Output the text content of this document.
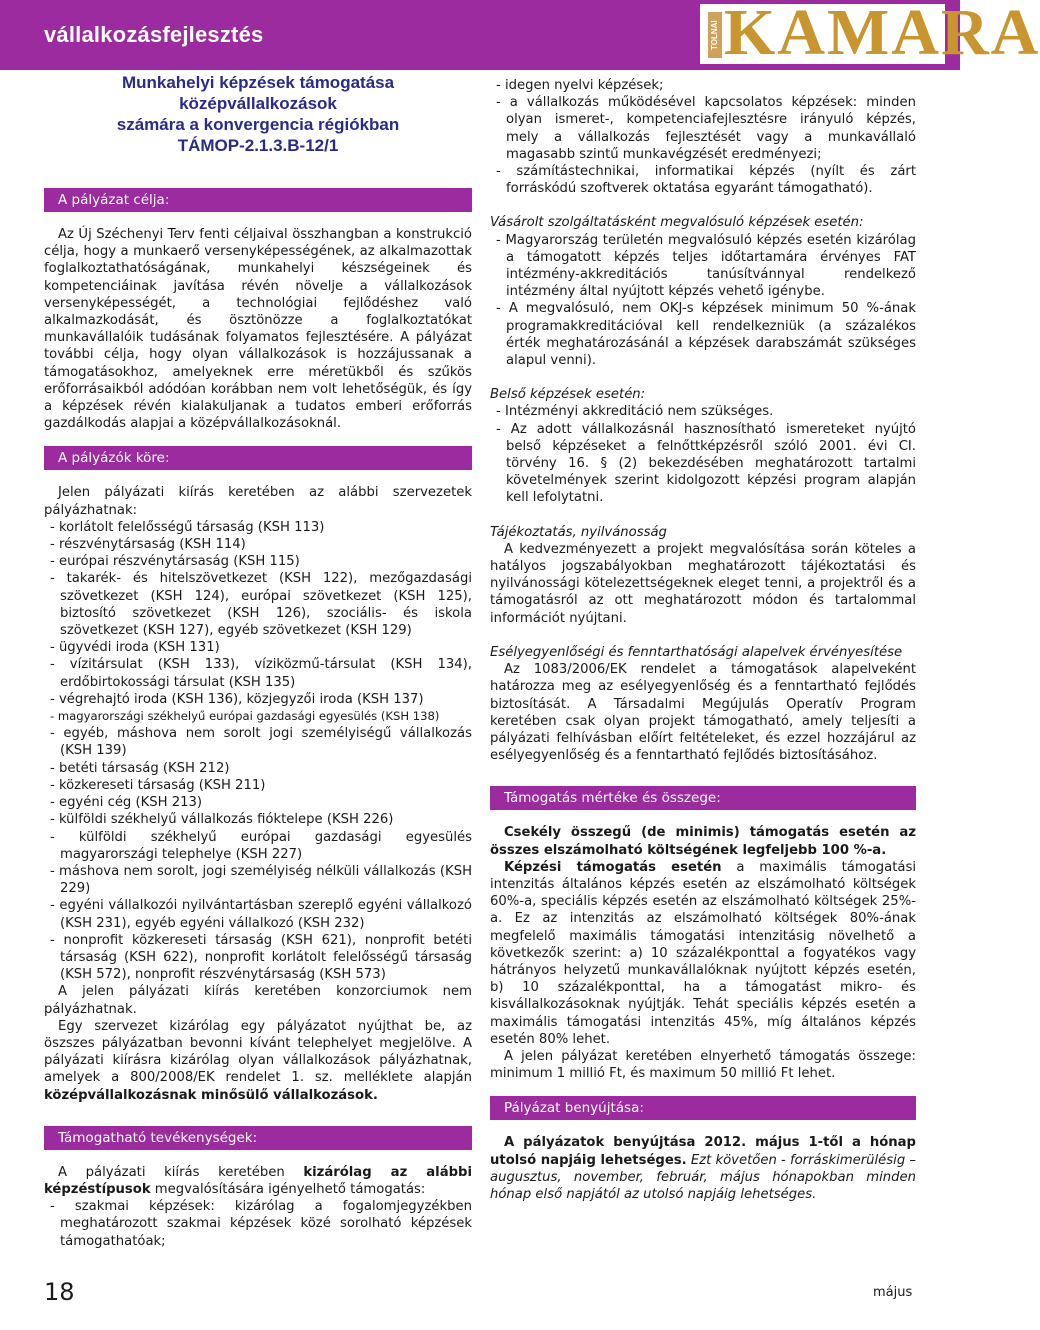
vállalkozásfejlesztés	TOLNAI KAMARA
Munkahelyi képzések támogatása középvállalkozások
számára a konvergencia régiókban
TÁMOP-2.1.3.B-12/1
A pályázat célja:

Az Új Széchenyi Terv fenti céljaival összhangban a konstrukció célja, hogy a munkaerő versenyképességének, az alkalmazottak foglalkoztathatóságának, munkahelyi készségeinek és kompetenciáinak javítása révén növelje a vállalkozások versenyképességét, a technológiai fejlődéshez való alkalmazkodását, és ösztönözze a foglalkoztatókat munkavállalóik tudásának folyamatos fejlesztésére. A pályázat további célja, hogy olyan vállalkozások is hozzájussanak a támogatásokhoz, amelyeknek erre méretükből és szűkös erőforrásaikból adódóan korábban nem volt lehetőségük, és így a képzések révén kialakuljanak a tudatos emberi erőforrás gazdálkodás alapjai a középvállalkozásoknál.

A pályázók köre:

Jelen pályázati kiírás keretében az alábbi szervezetek pályázhatnak:

- korlátolt felelősségű társaság (KSH 113)
- részvénytársaság (KSH 114)
- európai részvénytársaság (KSH 115)
- takarék- és hitelszövetkezet (KSH 122), mezőgazdasági szövetkezet (KSH 124), európai szövetkezet (KSH 125), biztosító szövetkezet (KSH 126), szociális- és iskola szövetkezet (KSH 127), egyéb szövetkezet (KSH 129)
- ügyvédi iroda (KSH 131)
- vízitársulat (KSH 133), víziközmű-társulat (KSH 134), erdőbirtokossági társulat (KSH 135)
- végrehajtó iroda (KSH 136), közjegyzői iroda (KSH 137)
- magyarországi székhelyű európai gazdasági egyesülés (KSH 138)
- egyéb, máshova nem sorolt jogi személyiségű vállalkozás (KSH 139)
- betéti társaság (KSH 212)
- közkereseti társaság (KSH 211)
- egyéni cég (KSH 213)
- külföldi székhelyű vállalkozás fióktelepe (KSH 226)
- külföldi székhelyű európai gazdasági egyesülés magyarországi telephelye (KSH 227)
- máshova nem sorolt, jogi személyiség nélküli vállalkozás (KSH 229)
- egyéni vállalkozói nyilvántartásban szereplő egyéni vállalkozó (KSH 231), egyéb egyéni vállalkozó (KSH 232)
- nonprofit közkereseti társaság (KSH 621), nonprofit betéti társaság (KSH 622), nonprofit korlátolt felelősségű társaság (KSH 572), nonprofit részvénytársaság (KSH 573)

A jelen pályázati kiírás keretében konzorciumok nem pályázhatnak.

Egy szervezet kizárólag egy pályázatot nyújthat be, az öszszes pályázatban bevonni kívánt telephelyet megjelölve. A pályázati kiírásra kizárólag olyan vállalkozások pályázhatnak, amelyek a 800/2008/EK rendelet 1. sz. melléklete alapján középvállalkozásnak minősülő vállalkozások.

Támogatható tevékenységek:

A pályázati kiírás keretében kizárólag az alábbi képzéstípusok megvalósítására igényelhető támogatás:

- szakmai képzések: kizárólag a fogalomjegyzékben meghatározott szakmai képzések közé sorolható képzések támogathatóak;
- idegen nyelvi képzések;
- a vállalkozás működésével kapcsolatos képzések: minden olyan ismeret-, kompetenciafejlesztésre irányuló képzés, mely a vállalkozás fejlesztését vagy a munkavállaló magasabb szintű munkavégzését eredményezi;
- számítástechnikai, informatikai képzés (nyílt és zárt forráskódú szoftverek oktatása egyaránt támogatható).
Vásárolt szolgáltatásként megvalósuló képzések esetén:
- Magyarország területén megvalósuló képzés esetén kizárólag a támogatott képzés teljes időtartamára érvényes FAT intézmény-akkreditációs tanúsítvánnyal rendelkező intézmény által nyújtott képzés vehető igénybe.
- A megvalósuló, nem OKJ-s képzések minimum 50 %-ának programakkreditációval kell rendelkezniük (a százalékos érték meghatározásánál a képzések darabszámát szükséges alapul venni).
Belső képzések esetén:
- Intézményi akkreditáció nem szükséges.
- Az adott vállalkozásnál hasznosítható ismereteket nyújtó belső képzéseket a felnőttképzésről szóló 2001. évi CI. törvény 16. § (2) bekezdésében meghatározott tartalmi követelmények szerint kidolgozott képzési program alapján kell lefolytatni.
Tájékoztatás, nyilvánosság

A kedvezményezett a projekt megvalósítása során köteles a hatályos jogszabályokban meghatározott tájékoztatási és nyilvánossági kötelezettségeknek eleget tenni, a projektről és a támogatásról az ott meghatározott módon és tartalommal információt nyújtani.

Esélyegyenlőségi és fenntarthatósági alapelvek érvényesítése

Az 1083/2006/EK rendelet a támogatások alapelveként határozza meg az esélyegyenlőség és a fenntartható fejlődés biztosítását. A Társadalmi Megújulás Operatív Program keretében csak olyan projekt támogatható, amely teljesíti a pályázati felhívásban előírt feltételeket, és ezzel hozzájárul az esélyegyenlőség és a fenntartható fejlődés biztosításához.

Támogatás mértéke és összege:

Csekély összegű (de minimis) támogatás esetén az összes elszámolható költségének legfeljebb 100 %-a.

Képzési támogatás esetén a maximális támogatási intenzitás általános képzés esetén az elszámolható költségek 60%-a, speciális képzés esetén az elszámolható költségek 25%-a. Ez az intenzitás az elszámolható költségek 80%-ának megfelelő maximális támogatási intenzitásig növelhető a következők szerint: a) 10 százalékponttal a fogyatékos vagy hátrányos helyzetű munkavállalóknak nyújtott képzés esetén, b) 10 százalékponttal, ha a támogatást mikro- és kisvállalkozásoknak nyújtják. Tehát speciális képzés esetén a maximális támogatási intenzitás 45%, míg általános képzés esetén 80% lehet.

A jelen pályázat keretében elnyerhető támogatás összege: minimum 1 millió Ft, és maximum 50 millió Ft lehet.

Pályázat benyújtása:

A pályázatok benyújtása 2012. május 1-től a hónap utolsó napjáig lehetséges. Ezt követően - forráskimerülésig – augusztus, november, február, május hónapokban minden hónap első napjától az utolsó napjáig lehetséges.

18	május
